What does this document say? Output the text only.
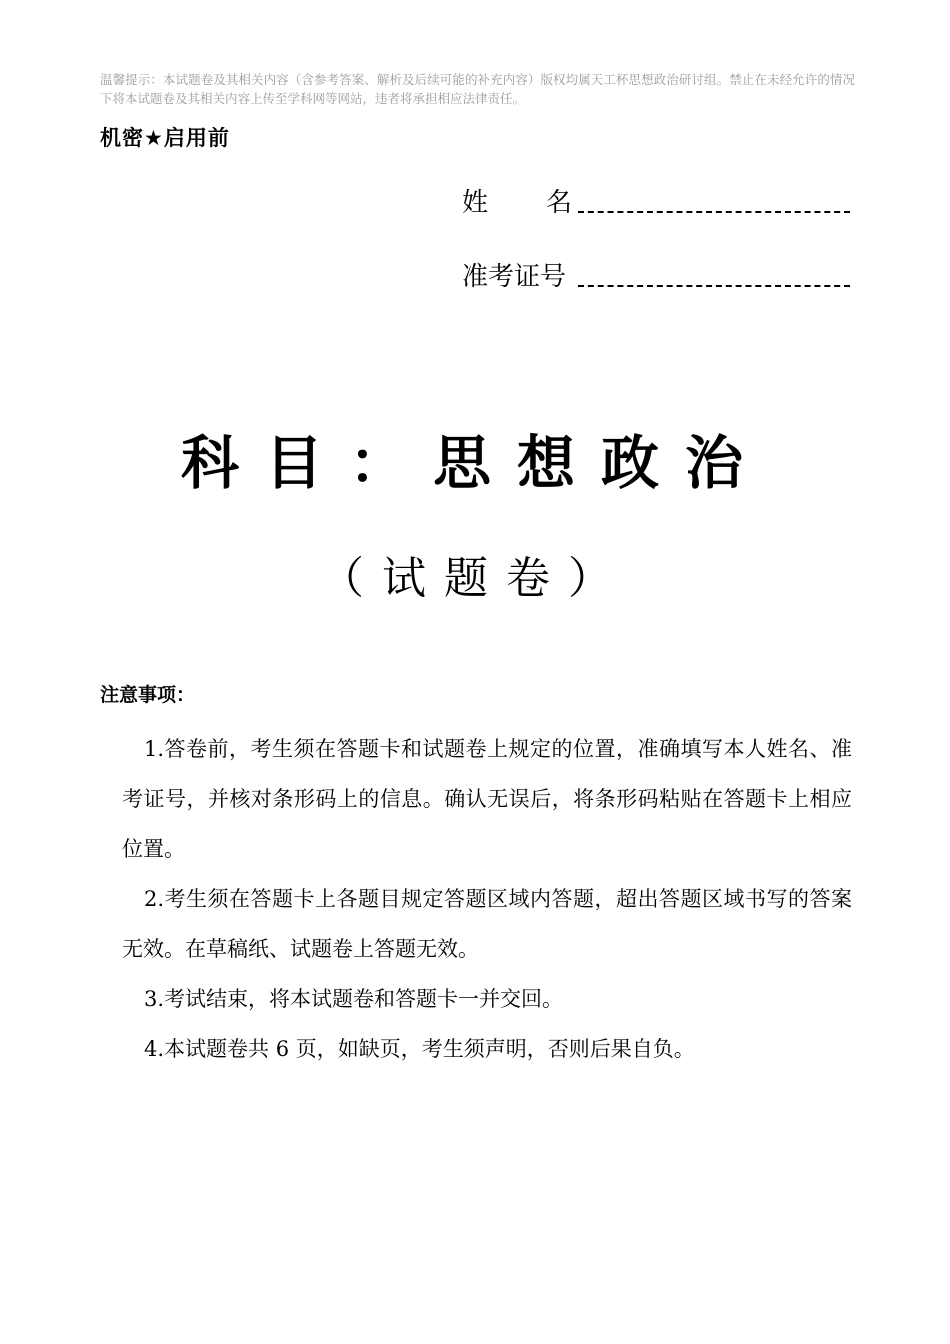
温馨提示：本试题卷及其相关内容（含参考答案、解析及后续可能的补充内容）版权均属天工杯思想政治研讨组。禁止在未经允许的情况下将本试题卷及其相关内容上传至学科网等网站，违者将承担相应法律责任。
机密★启用前
姓名
准考证号
科目：思想政治
（试题卷）
注意事项：
1.答卷前，考生须在答题卡和试题卷上规定的位置，准确填写本人姓名、准考证号，并核对条形码上的信息。确认无误后，将条形码粘贴在答题卡上相应位置。
2.考生须在答题卡上各题目规定答题区域内答题，超出答题区域书写的答案无效。在草稿纸、试题卷上答题无效。
3.考试结束，将本试题卷和答题卡一并交回。
4.本试题卷共 6 页，如缺页，考生须声明，否则后果自负。
